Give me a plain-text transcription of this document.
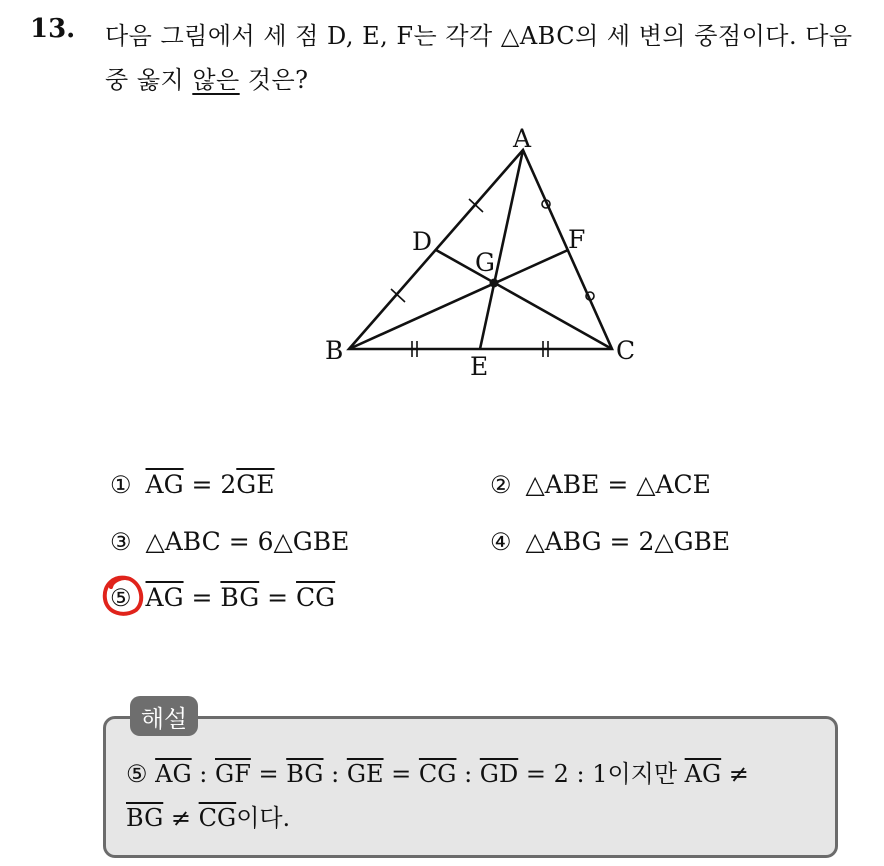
13. 다음 그림에서 세 점 D, E, F는 각각 △ABC의 세 변의 중점이다. 다음 중 옳지 않은 것은?
A
B	C
D
E
F
G
① $\overline{AG} = 2\overline{GE}$	② △ABE = △ACE
③ △ABC = 6△GBE	④ △ABG = 2△GBE
⑤ $\overline{AG} = \overline{BG} = \overline{CG}$
해설
⑤ $\overline{AG}$ : $\overline{GF} = \overline{BG}$ : $\overline{GE} = \overline{CG}$ : $\overline{GD} = 2$ : 1이지만 $\overline{AG}$ ≠
$\overline{BG} \ne \overline{CG}$이다.
